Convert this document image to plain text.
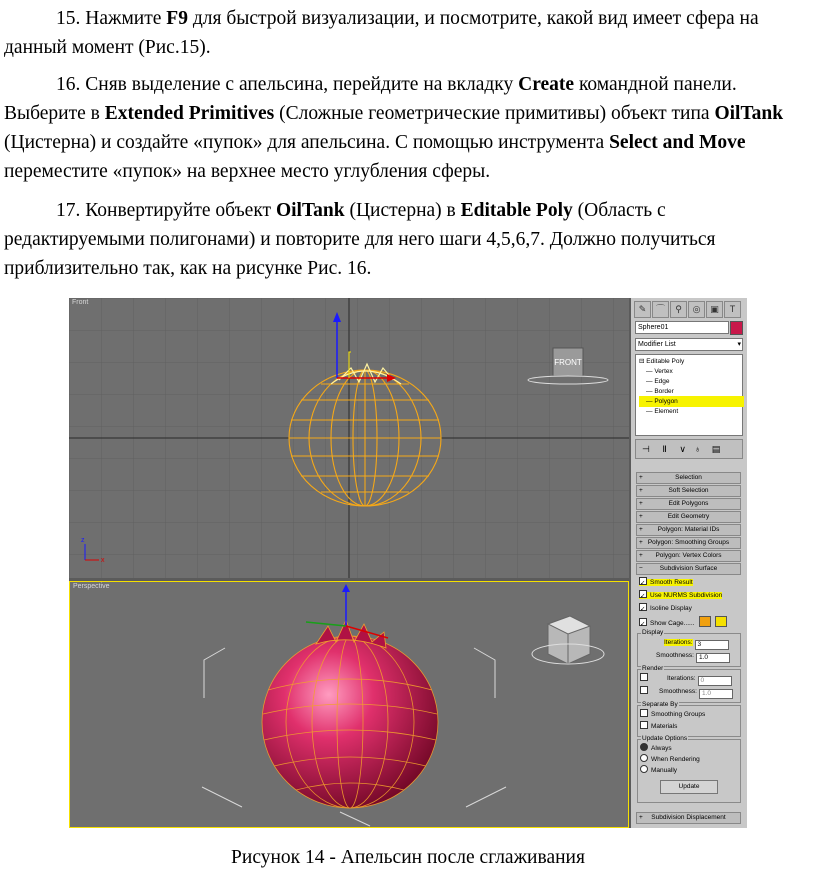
15. Нажмите F9 для быстрой визуализации, и посмотрите, какой вид имеет сфера на данный момент (Рис.15).

16. Сняв выделение с апельсина, перейдите на вкладку Create командной панели. Выберите в Extended Primitives (Сложные геометрические примитивы) объект типа OilTank (Цистерна) и создайте «пупок» для апельсина. С помощью инструмента Select and Move переместите «пупок» на верхнее место углубления сферы.

17. Конвертируйте объект OilTank (Цистерна) в Editable Poly (Область с редактируемыми полигонами) и повторите для него шаги 4,5,6,7. Должно получиться приблизительно так, как на рисунке Рис. 16.

FRONT
z
x
Front
Perspective
✎	⌒	⚲	◎	▣	T
Sphere01
Modifier List	▾
⊟ Editable Poly
— Vertex
— Edge
— Border
— Polygon
— Element
⊣ Ⅱ ∨ ♁ ▤
+	Selection
+	Soft Selection
+	Edit Polygons
+	Edit Geometry
+ Polygon: Material IDs
+ Polygon: Smoothing Groups
+ Polygon: Vertex Colors
−	Subdivision Surface
✓ Smooth Result
✓ Use NURMS Subdivision
✓ Isoline Display
✓ Show Cage......
Display
Iterations: 3
Smoothness: 1.0
Render
Iterations: 0
Smoothness: 1.0
Separate By
Smoothing Groups
Materials
Update Options
Always
When Rendering
Manually
Update
+ Subdivision Displacement
Рисунок 14 - Апельсин после сглаживания
